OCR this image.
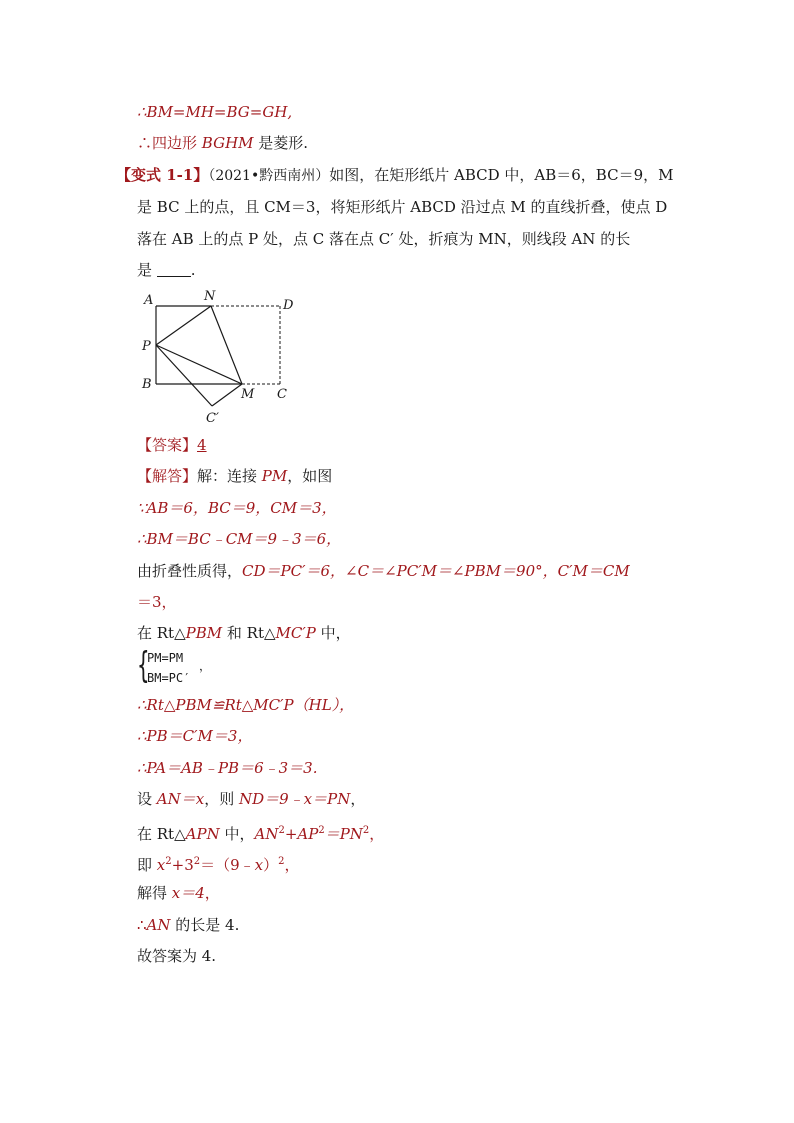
∴BM=MH=BG=GH,
∴四边形 BGHM 是菱形.
【变式 1-1】（2021•黔西南州）如图，在矩形纸片 ABCD 中，AB＝6，BC＝9，M
是 BC 上的点，且 CM＝3，将矩形纸片 ABCD 沿过点 M 的直线折叠，使点 D
落在 AB 上的点 P 处，点 C 落在点 C′ 处，折痕为 MN，则线段 AN 的长
是	.
A	N
D
P
B
M C
C′
【答案】4
【解答】解：连接 PM，如图
∵AB＝6，BC＝9，CM＝3，
∴BM＝BC﹣CM＝9﹣3＝6，
由折叠性质得，CD＝PC′＝6，∠C＝∠PC′M＝∠PBM＝90°，C′M＝CM
＝3，
在 Rt△PBM 和 Rt△MC′P 中，
{
PM=PM
BM=PC′
，
∴Rt△PBM≌Rt△MC′P（HL），
∴PB＝C′M＝3，
∴PA＝AB﹣PB＝6﹣3＝3.
设 AN＝x，则 ND＝9﹣x＝PN，
在 Rt△APN 中，$AN^2+AP^2=PN^2$，
即 $x^2+3^2=(9﹣x)^2$，
解得 x＝4，
∴AN 的长是 4.
故答案为 4.
